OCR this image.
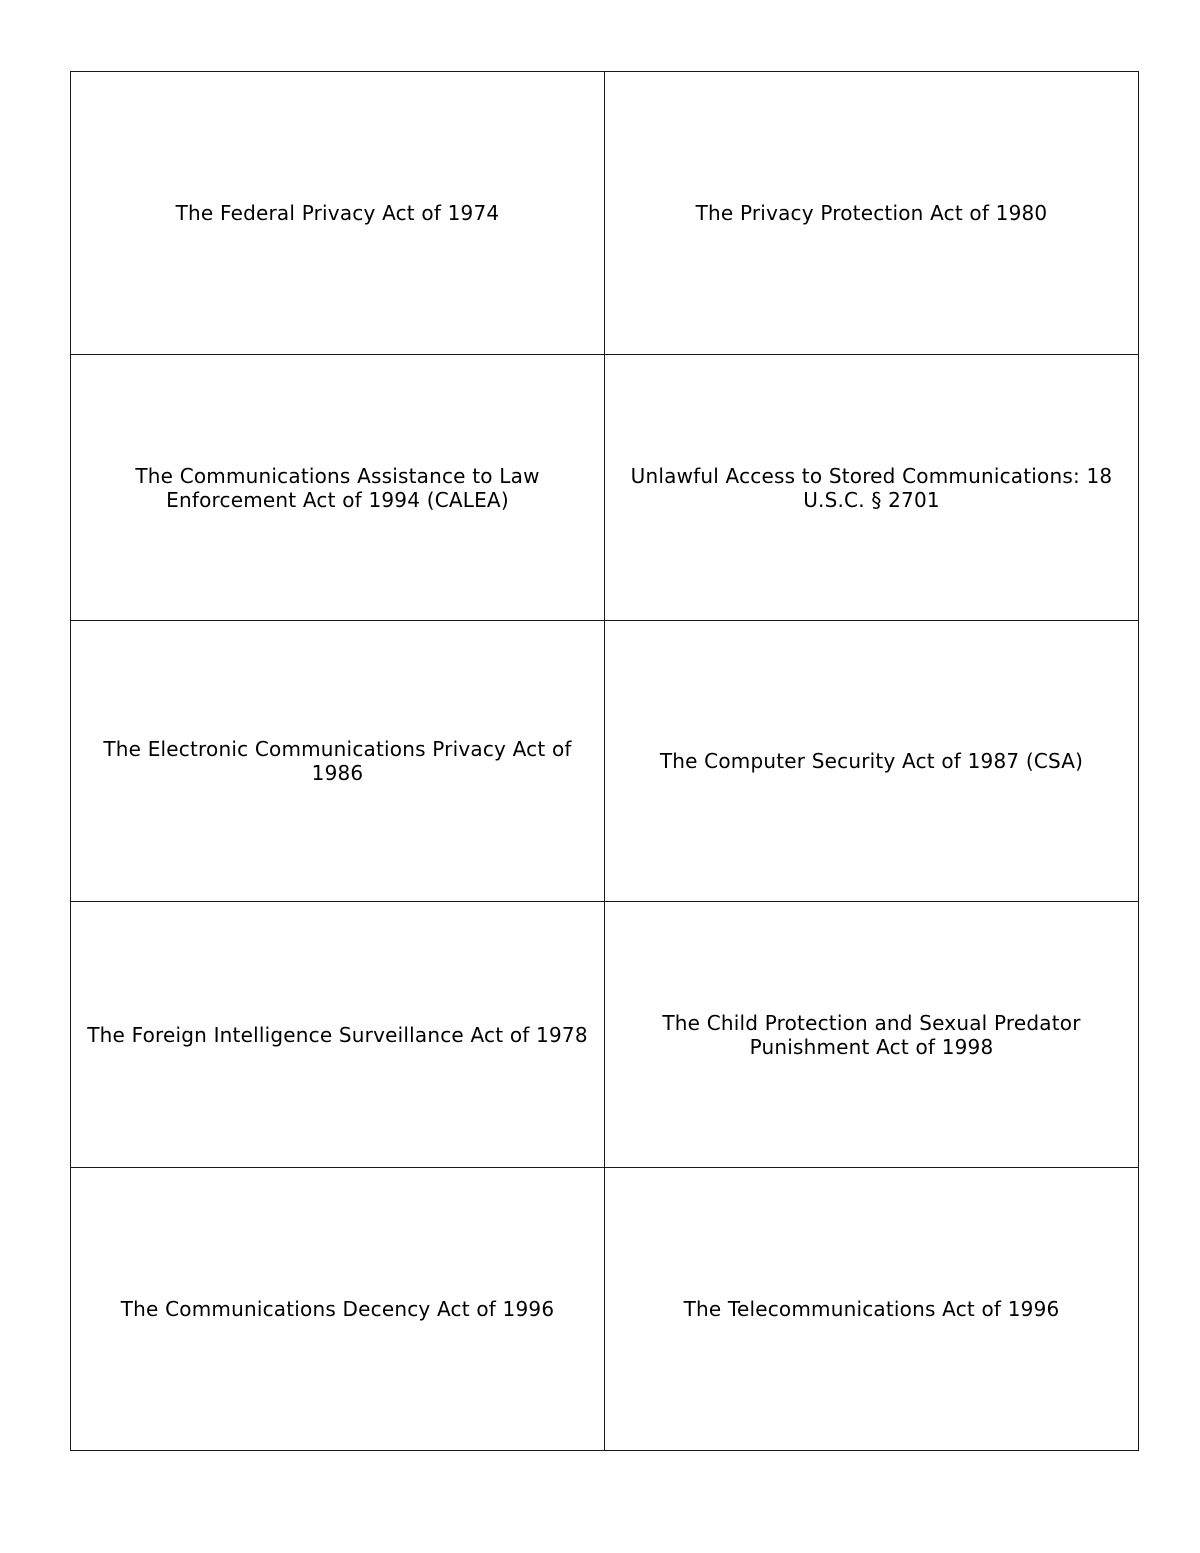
The Federal Privacy Act of 1974	The Privacy Protection Act of 1980
The Communications Assistance to Law Enforcement Act of 1994 (CALEA)	Unlawful Access to Stored Communications: 18 U.S.C. § 2701
The Electronic Communications Privacy Act of 1986	The Computer Security Act of 1987 (CSA)
The Foreign Intelligence Surveillance Act of 1978	The Child Protection and Sexual Predator Punishment Act of 1998
The Communications Decency Act of 1996	The Telecommunications Act of 1996
